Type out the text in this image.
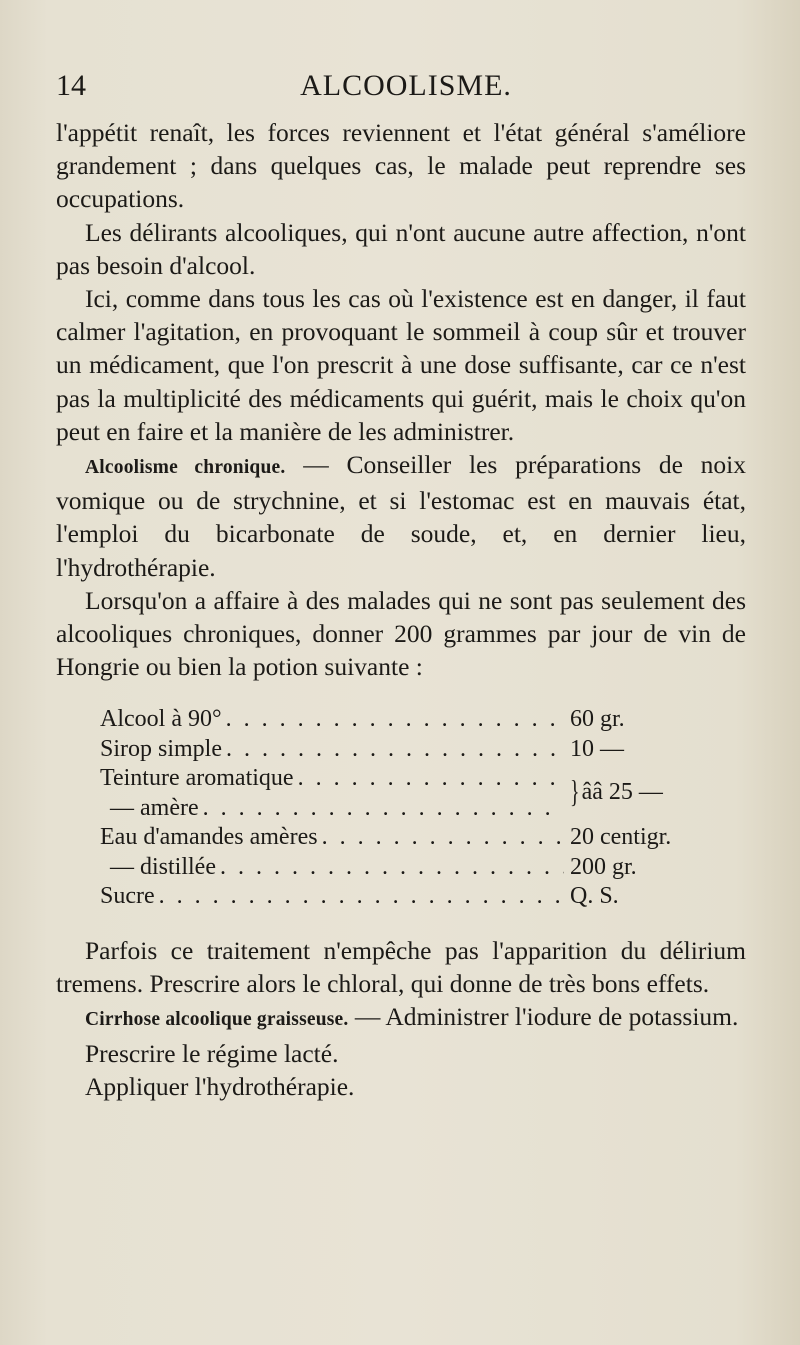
14	ALCOOLISME.

l'appétit renaît, les forces reviennent et l'état général s'améliore grandement ; dans quelques cas, le malade peut reprendre ses occupations.

Les délirants alcooliques, qui n'ont aucune autre affection, n'ont pas besoin d'alcool.

Ici, comme dans tous les cas où l'existence est en danger, il faut calmer l'agitation, en provoquant le sommeil à coup sûr et trouver un médicament, que l'on prescrit à une dose suffisante, car ce n'est pas la multiplicité des médicaments qui guérit, mais le choix qu'on peut en faire et la manière de les administrer.

Alcoolisme chronique. — Conseiller les préparations de noix vomique ou de strychnine, et si l'estomac est en mauvais état, l'emploi du bicarbonate de soude, et, en dernier lieu, l'hydrothérapie.

Lorsqu'on a affaire à des malades qui ne sont pas seulement des alcooliques chroniques, donner 200 grammes par jour de vin de Hongrie ou bien la potion suivante :

Alcool à 90° . . .	60 gr.
Sirop simple . . .	10 —
Teinture aromatique
. . .
— amère . . .	}ââ 25 —
Eau d'amandes amères . . .	20 centigr.
— distillée . . .	200 gr.
Sucre . . .	Q. S.

Parfois ce traitement n'empêche pas l'apparition du délirium tremens. Prescrire alors le chloral, qui donne de très bons effets.

Cirrhose alcoolique graisseuse. — Administrer l'iodure de potassium.

Prescrire le régime lacté.

Appliquer l'hydrothérapie.
